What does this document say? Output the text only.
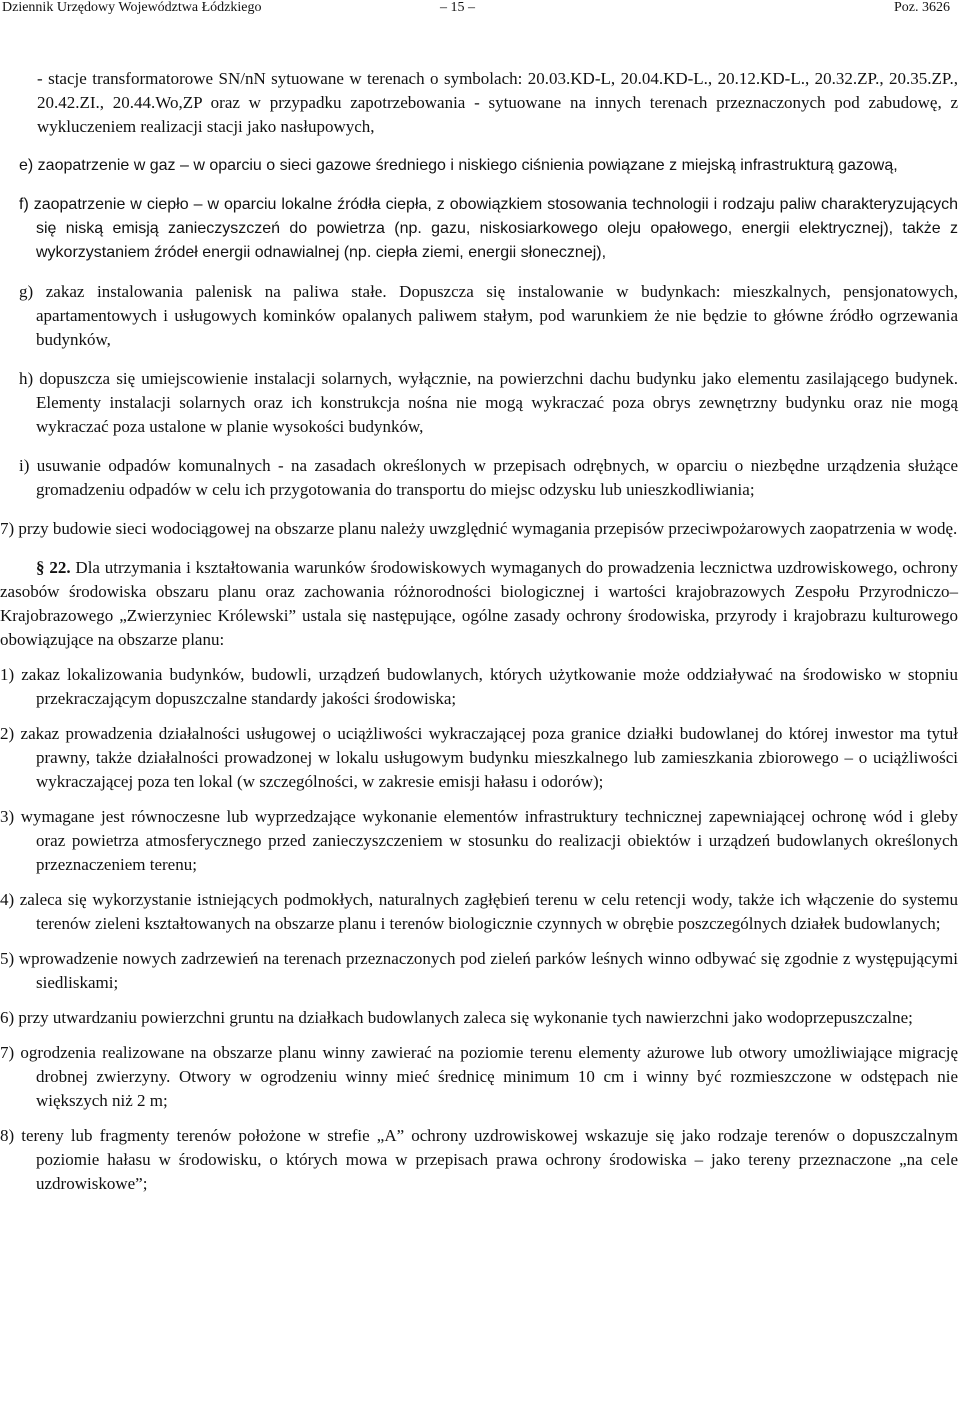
Dziennik Urzędowy Województwa Łódzkiego	– 15 –	Poz. 3626

- stacje transformatorowe SN/nN sytuowane w terenach o symbolach: 20.03.KD-L, 20.04.KD-L., 20.12.KD-L., 20.32.ZP., 20.35.ZP., 20.42.ZI., 20.44.Wo,ZP oraz w przypadku zapotrzebowania - sytuowane na innych terenach przeznaczonych pod zabudowę, z wykluczeniem realizacji stacji jako nasłupowych,

e) zaopatrzenie w gaz – w oparciu o sieci gazowe średniego i niskiego ciśnienia powiązane z miejską infrastrukturą gazową,

f) zaopatrzenie w ciepło – w oparciu lokalne źródła ciepła, z obowiązkiem stosowania technologii i rodzaju paliw charakteryzujących się niską emisją zanieczyszczeń do powietrza (np. gazu, niskosiarkowego oleju opałowego, energii elektrycznej), także z wykorzystaniem źródeł energii odnawialnej (np. ciepła ziemi, energii słonecznej),

g) zakaz instalowania palenisk na paliwa stałe. Dopuszcza się instalowanie w budynkach: mieszkalnych, pensjonatowych, apartamentowych i usługowych kominków opalanych paliwem stałym, pod warunkiem że nie będzie to główne źródło ogrzewania budynków,

h) dopuszcza się umiejscowienie instalacji solarnych, wyłącznie, na powierzchni dachu budynku jako elementu zasilającego budynek. Elementy instalacji solarnych oraz ich konstrukcja nośna nie mogą wykraczać poza obrys zewnętrzny budynku oraz nie mogą wykraczać poza ustalone w planie wysokości budynków,

i) usuwanie odpadów komunalnych - na zasadach określonych w przepisach odrębnych, w oparciu o niezbędne urządzenia służące gromadzeniu odpadów w celu ich przygotowania do transportu do miejsc odzysku lub unieszkodliwiania;

7) przy budowie sieci wodociągowej na obszarze planu należy uwzględnić wymagania przepisów przeciwpożarowych zaopatrzenia w wodę.

§ 22. Dla utrzymania i kształtowania warunków środowiskowych wymaganych do prowadzenia lecznictwa uzdrowiskowego, ochrony zasobów środowiska obszaru planu oraz zachowania różnorodności biologicznej i wartości krajobrazowych Zespołu Przyrodniczo–Krajobrazowego „Zwierzyniec Królewski” ustala się następujące, ogólne zasady ochrony środowiska, przyrody i krajobrazu kulturowego obowiązujące na obszarze planu:

1) zakaz lokalizowania budynków, budowli, urządzeń budowlanych, których użytkowanie może oddziaływać na środowisko w stopniu przekraczającym dopuszczalne standardy jakości środowiska;

2) zakaz prowadzenia działalności usługowej o uciążliwości wykraczającej poza granice działki budowlanej do której inwestor ma tytuł prawny, także działalności prowadzonej w lokalu usługowym budynku mieszkalnego lub zamieszkania zbiorowego – o uciążliwości wykraczającej poza ten lokal (w szczególności, w zakresie emisji hałasu i odorów);

3) wymagane jest równoczesne lub wyprzedzające wykonanie elementów infrastruktury technicznej zapewniającej ochronę wód i gleby oraz powietrza atmosferycznego przed zanieczyszczeniem w stosunku do realizacji obiektów i urządzeń budowlanych określonych przeznaczeniem terenu;

4) zaleca się wykorzystanie istniejących podmokłych, naturalnych zagłębień terenu w celu retencji wody, także ich włączenie do systemu terenów zieleni kształtowanych na obszarze planu i terenów biologicznie czynnych w obrębie poszczególnych działek budowlanych;

5) wprowadzenie nowych zadrzewień na terenach przeznaczonych pod zieleń parków leśnych winno odbywać się zgodnie z występującymi siedliskami;

6) przy utwardzaniu powierzchni gruntu na działkach budowlanych zaleca się wykonanie tych nawierzchni jako wodoprzepuszczalne;

7) ogrodzenia realizowane na obszarze planu winny zawierać na poziomie terenu elementy ażurowe lub otwory umożliwiające migrację drobnej zwierzyny. Otwory w ogrodzeniu winny mieć średnicę minimum 10 cm i winny być rozmieszczone w odstępach nie większych niż 2 m;

8) tereny lub fragmenty terenów położone w strefie „A” ochrony uzdrowiskowej wskazuje się jako rodzaje terenów o dopuszczalnym poziomie hałasu w środowisku, o których mowa w przepisach prawa ochrony środowiska – jako tereny przeznaczone „na cele uzdrowiskowe”;
